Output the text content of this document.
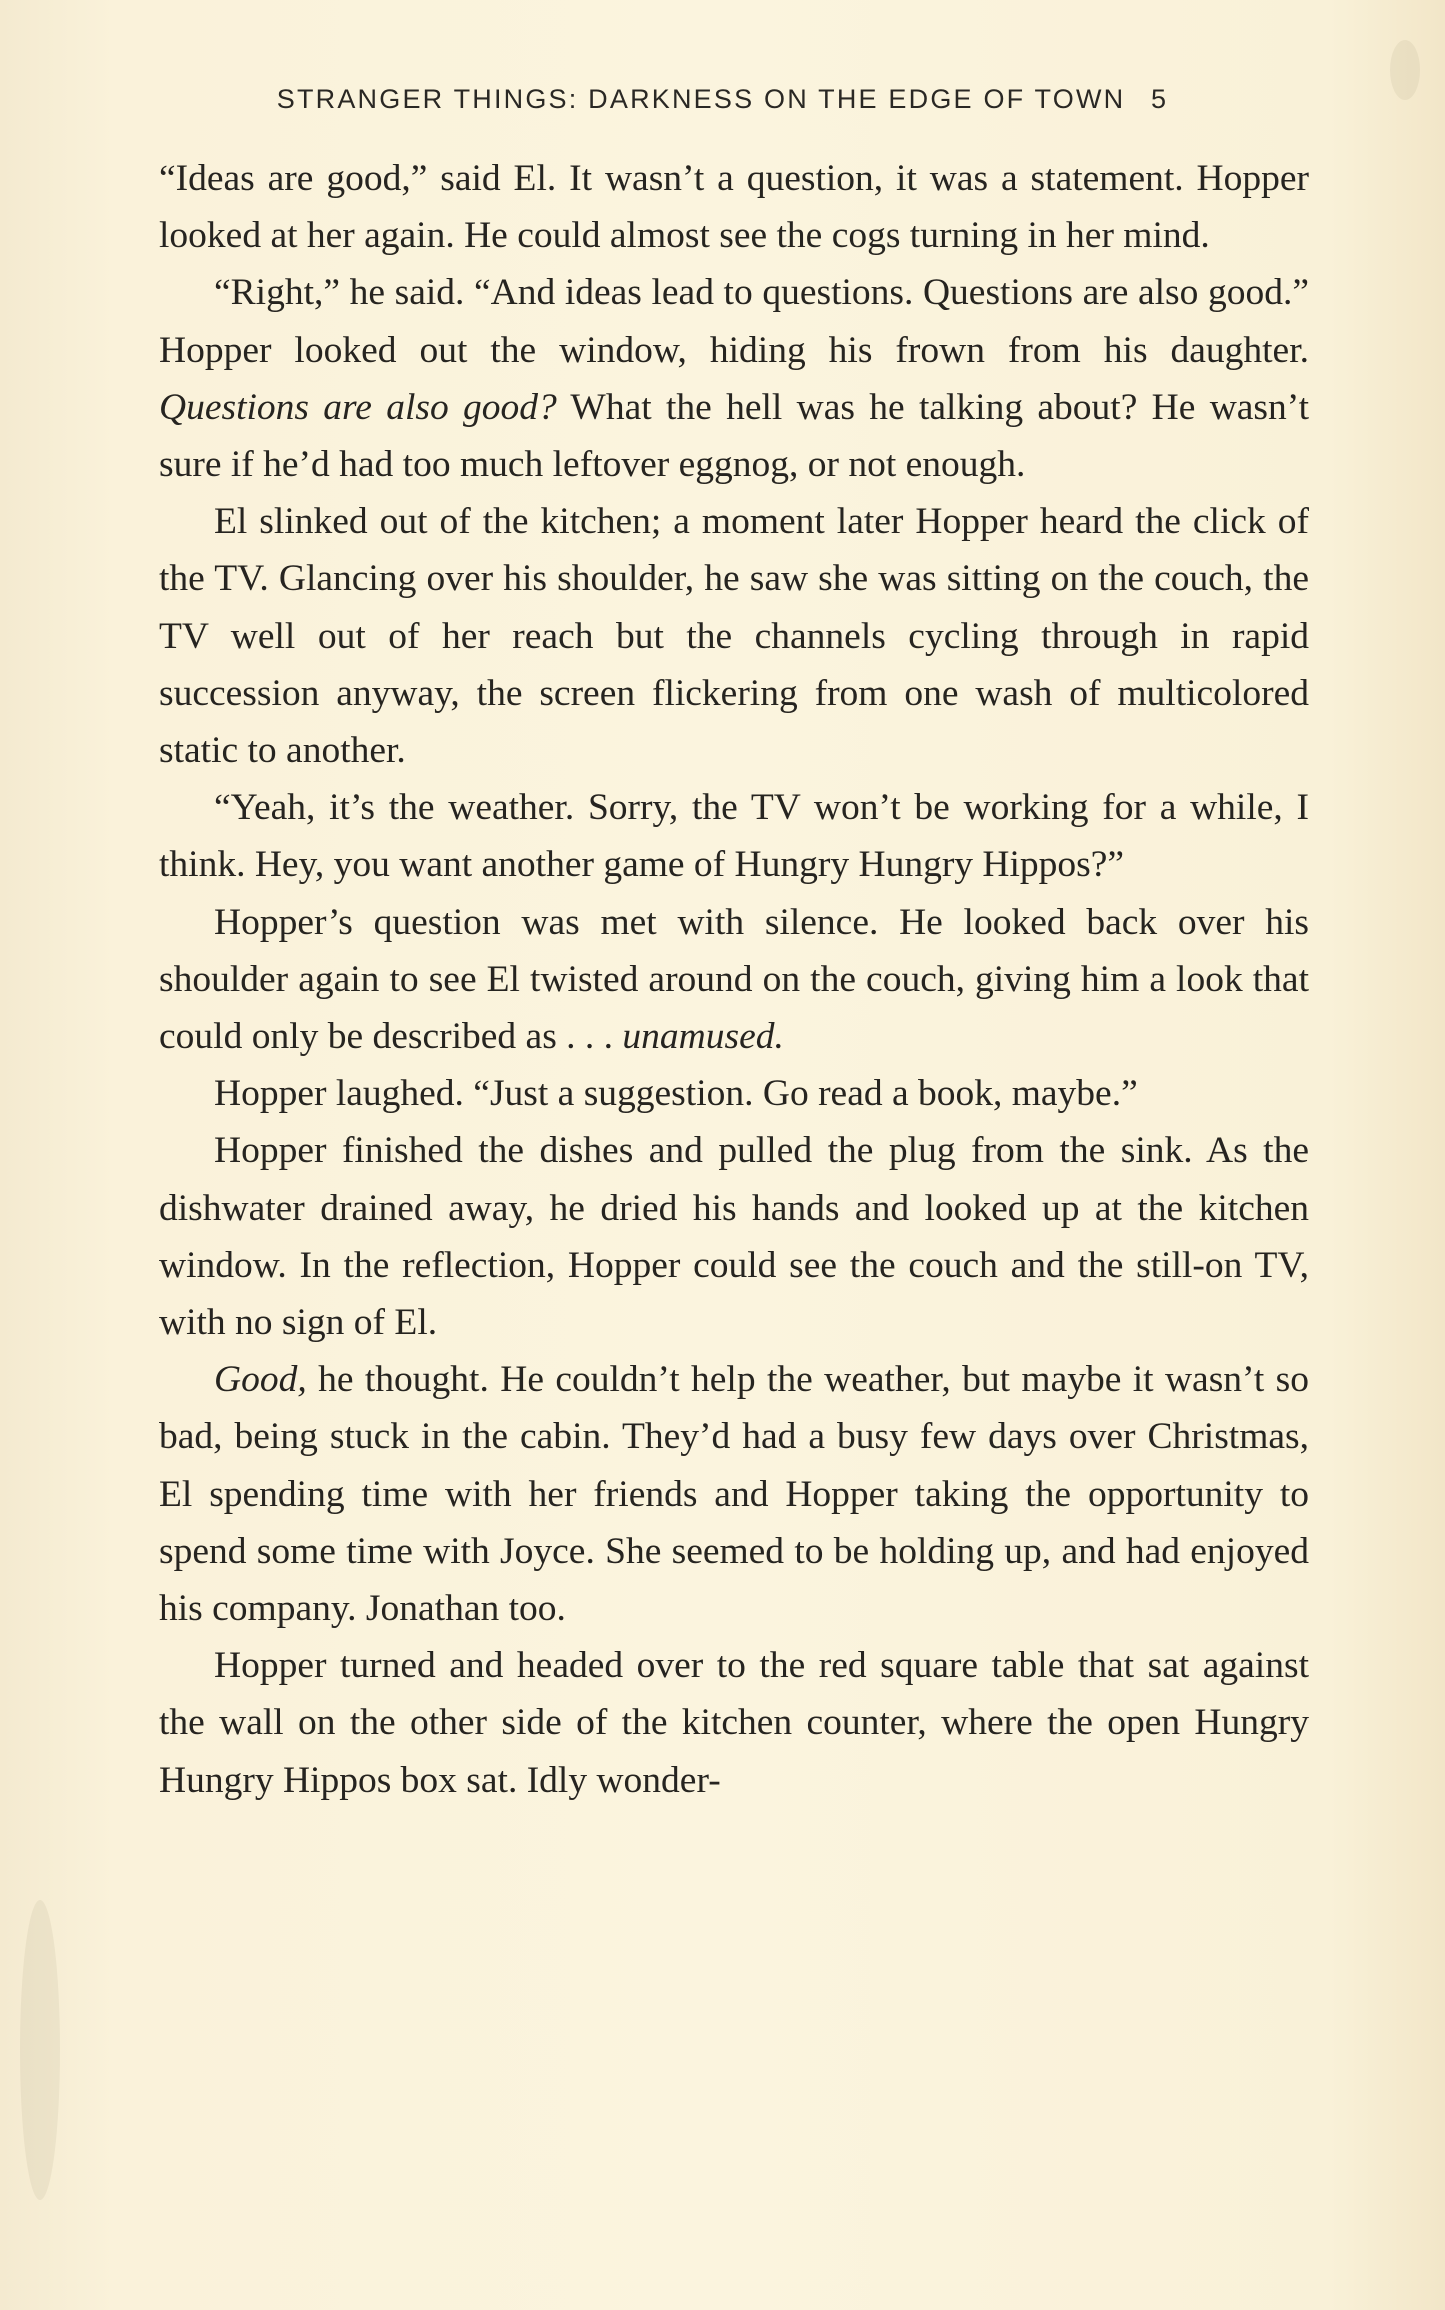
STRANGER THINGS: DARKNESS ON THE EDGE OF TOWN 5

“Ideas are good,” said El. It wasn’t a question, it was a statement. Hopper looked at her again. He could almost see the cogs turning in her mind.

“Right,” he said. “And ideas lead to questions. Questions are also good.” Hopper looked out the window, hiding his frown from his daughter. Questions are also good? What the hell was he talking about? He wasn’t sure if he’d had too much leftover eggnog, or not enough.

El slinked out of the kitchen; a moment later Hopper heard the click of the TV. Glancing over his shoulder, he saw she was sitting on the couch, the TV well out of her reach but the channels cycling through in rapid succession anyway, the screen flickering from one wash of multicolored static to another.

“Yeah, it’s the weather. Sorry, the TV won’t be working for a while, I think. Hey, you want another game of Hungry Hungry Hippos?”

Hopper’s question was met with silence. He looked back over his shoulder again to see El twisted around on the couch, giving him a look that could only be described as . . . unamused.

Hopper laughed. “Just a suggestion. Go read a book, maybe.”

Hopper finished the dishes and pulled the plug from the sink. As the dishwater drained away, he dried his hands and looked up at the kitchen window. In the reflection, Hopper could see the couch and the still-on TV, with no sign of El.

Good, he thought. He couldn’t help the weather, but maybe it wasn’t so bad, being stuck in the cabin. They’d had a busy few days over Christmas, El spending time with her friends and Hopper taking the opportunity to spend some time with Joyce. She seemed to be holding up, and had enjoyed his company. Jonathan too.

Hopper turned and headed over to the red square table that sat against the wall on the other side of the kitchen counter, where the open Hungry Hungry Hippos box sat. Idly wonder-
